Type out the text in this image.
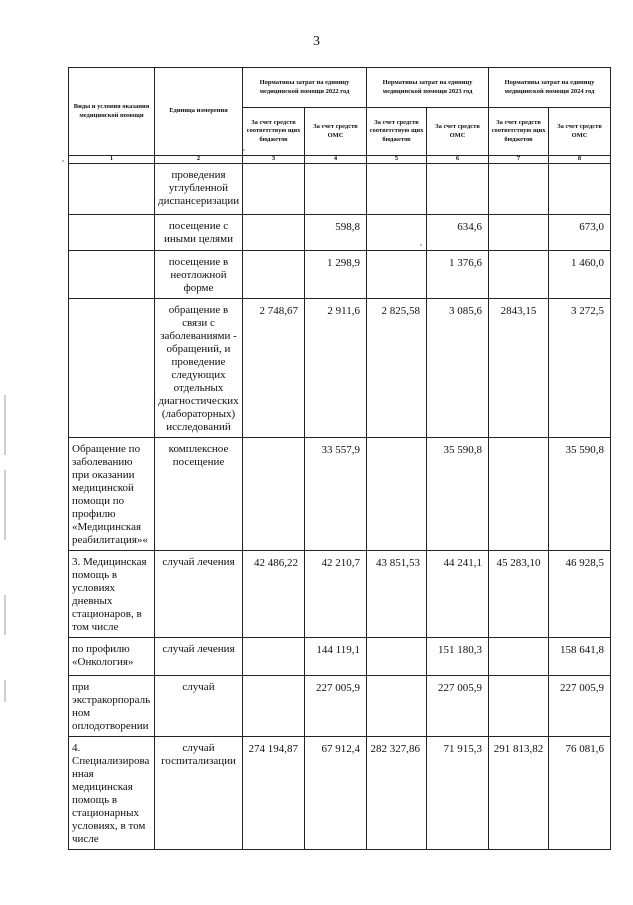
3
Виды и условия оказания медицинской помощи	Единица измерения	Нормативы затрат на единицу медицинской помощи 2022 год		Нормативы затрат на единицу медицинской помощи 2023 год		Нормативы затрат на единицу медицинской помощи 2024 год	
		За счет средств соответствую щих бюджетов	За счет средств ОМС	За счет средств соответствую щих бюджетов	За счет средств ОМС	За счет средств соответствую щих бюджетов	За счет средств ОМС
1	2	3	4	5	6	7	8
	проведения углубленной диспансеризации						
	посещение с иными целями		598,8		634,6		673,0
	посещение в неотложной форме		1 298,9		1 376,6		1 460,0
	обращение в связи с заболеваниями - обращений, и проведение следующих отдельных диагностических (лабораторных) исследований	2 748,67	2 911,6	2 825,58	3 085,6	2843,15	3 272,5
Обращение по заболеванию при оказании медицинской помощи по профилю «Медицинская реабилитация»«	комплексное посещение		33 557,9		35 590,8		35 590,8
3. Медицинская помощь в условиях дневных стационаров, в том числе	случай лечения	42 486,22	42 210,7	43 851,53	44 241,1	45 283,10	46 928,5
по профилю «Онкология»	случай лечения		144 119,1		151 180,3		158 641,8
при экстракорпораль ном оплодотворении	случай		227 005,9		227 005,9		227 005,9
4. Специализирова нная медицинская помощь в стационарных условиях, в том числе	случай госпитализации	274 194,87	67 912,4	282 327,86	71 915,3	291 813,82	76 081,6
